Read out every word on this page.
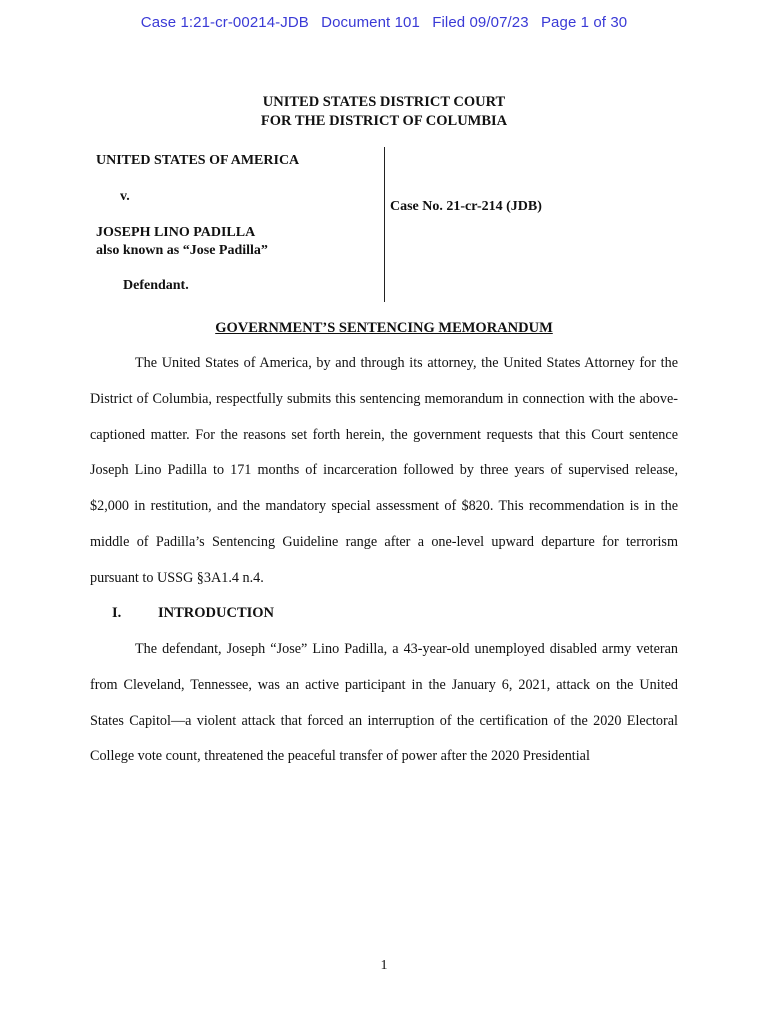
Case 1:21-cr-00214-JDB Document 101 Filed 09/07/23 Page 1 of 30
UNITED STATES DISTRICT COURT
FOR THE DISTRICT OF COLUMBIA
UNITED STATES OF AMERICA
v.
JOSEPH LINO PADILLA
also known as “Jose Padilla”
Defendant.
Case No. 21-cr-214 (JDB)
GOVERNMENT’S SENTENCING MEMORANDUM

The United States of America, by and through its attorney, the United States Attorney for the District of Columbia, respectfully submits this sentencing memorandum in connection with the above-captioned matter. For the reasons set forth herein, the government requests that this Court sentence Joseph Lino Padilla to 171 months of incarceration followed by three years of supervised release, $2,000 in restitution, and the mandatory special assessment of $820. This recommendation is in the middle of Padilla’s Sentencing Guideline range after a one-level upward departure for terrorism pursuant to USSG §3A1.4 n.4.

I.	INTRODUCTION

The defendant, Joseph “Jose” Lino Padilla, a 43-year-old unemployed disabled army veteran from Cleveland, Tennessee, was an active participant in the January 6, 2021, attack on the United States Capitol—a violent attack that forced an interruption of the certification of the 2020 Electoral College vote count, threatened the peaceful transfer of power after the 2020 Presidential

1
